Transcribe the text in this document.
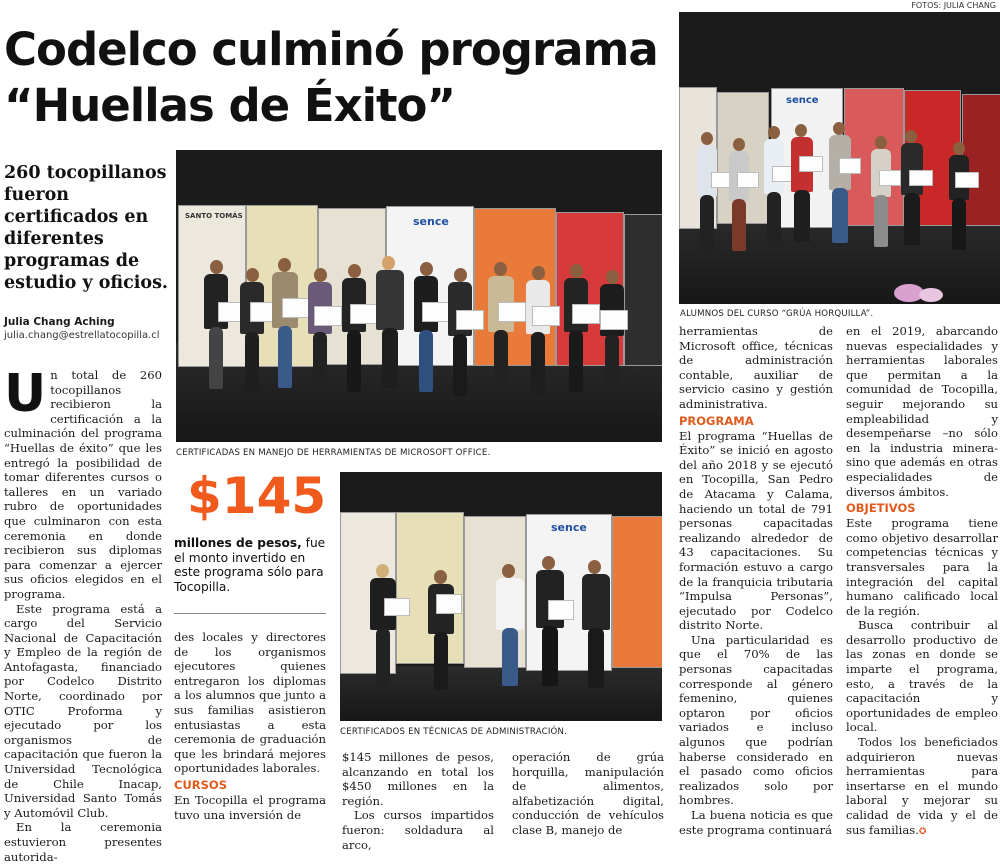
FOTOS: JULIA CHANG
Codelco culminó programa
“Huellas de Éxito”
260 tocopillanos fueron certificados en diferentes programas de estudio y oficios.
Julia Chang Aching
julia.chang@estrellatocopilla.cl
sence
ALUMNOS DEL CURSO “GRÚA HORQUILLA”.
SANTO TOMÁS	sence
CERTIFICADAS EN MANEJO DE HERRAMIENTAS DE MICROSOFT OFFICE.
sence
CERTIFICADOS EN TÉCNICAS DE ADMINISTRACIÓN.
$145
millones de pesos, fue el monto invertido en este programa sólo para Tocopilla.

Un total de 260 tocopillanos recibieron la certificación a la culminación del programa “Huellas de éxito” que les entregó la posibilidad de tomar diferentes cursos o talleres en un variado rubro de oportunidades que culminaron con esta ceremonia en donde recibieron sus diplomas para comenzar a ejercer sus oficios elegidos en el programa.

Este programa está a cargo del Servicio Nacional de Capacitación y Empleo de la región de Antofagasta, financiado por Codelco Distrito Norte, coordinado por OTIC Proforma y ejecutado por los organismos de capacitación que fueron la Universidad Tecnológica de Chile Inacap, Universidad Santo Tomás y Automóvil Club.

En la ceremonia estuvieron presentes autorida-

des locales y directores de los organismos ejecutores quienes entregaron los diplomas a los alumnos que junto a sus familias asistieron entusiastas a esta ceremonia de graduación que les brindará mejores oportunidades laborales.

CURSOS

En Tocopilla el programa tuvo una inversión de

$145 millones de pesos, alcanzando en total los $450 millones en la región.

Los cursos impartidos fueron: soldadura al arco,

operación de grúa horquilla, manipulación de alimentos, alfabetización digital, conducción de vehículos clase B, manejo de

herramientas de Microsoft office, técnicas de administración contable, auxiliar de servicio casino y gestión administrativa.

PROGRAMA

El programa “Huellas de Éxito” se inició en agosto del año 2018 y se ejecutó en Tocopilla, San Pedro de Atacama y Calama, haciendo un total de 791 personas capacitadas realizando alrededor de 43 capacitaciones. Su formación estuvo a cargo de la franquicia tributaria “Impulsa Personas”, ejecutado por Codelco distrito Norte.

Una particularidad es que el 70% de las personas capacitadas corresponde al género femenino, quienes optaron por oficios variados e incluso algunos que podrían haberse considerado en el pasado como oficios realizados solo por hombres.

La buena noticia es que este programa continuará

en el 2019, abarcando nuevas especialidades y herramientas laborales que permitan a la comunidad de Tocopilla, seguir mejorando su empleabilidad y desempeñarse –no sólo en la industria minera- sino que además en otras especialidades de diversos ámbitos.

OBJETIVOS

Este programa tiene como objetivo desarrollar competencias técnicas y transversales para la integración del capital humano calificado local de la región.

Busca contribuir al desarrollo productivo de las zonas en donde se imparte el programa, esto, a través de la capacitación y oportunidades de empleo local.

Todos los beneficiados adquirieron nuevas herramientas para insertarse en el mundo laboral y mejorar su calidad de vida y el de sus familias.✪
